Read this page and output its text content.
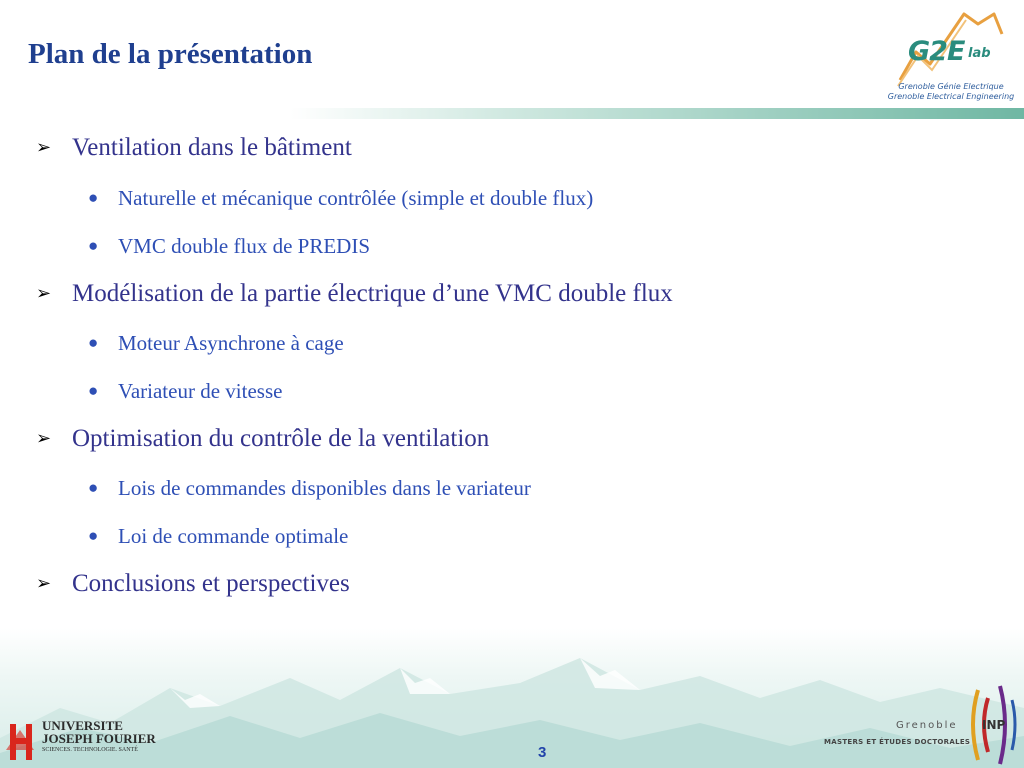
Plan de la présentation	G2E lab
Grenoble Génie Electrique
Grenoble Electrical Engineering
➢ Ventilation dans le bâtiment
● Naturelle et mécanique contrôlée (simple et double flux)
● VMC double flux de PREDIS
➢ Modélisation de la partie électrique d’une VMC double flux
● Moteur Asynchrone à cage
● Variateur de vitesse
➢ Optimisation du contrôle de la ventilation
● Lois de commandes disponibles dans le variateur
● Loi de commande optimale
➢ Conclusions et perspectives
UNIVERSITE
JOSEPH FOURIER
SCIENCES. TECHNOLOGIE. SANTÉ	3
Grenoble INP
MASTERS ET ÉTUDES DOCTORALES
